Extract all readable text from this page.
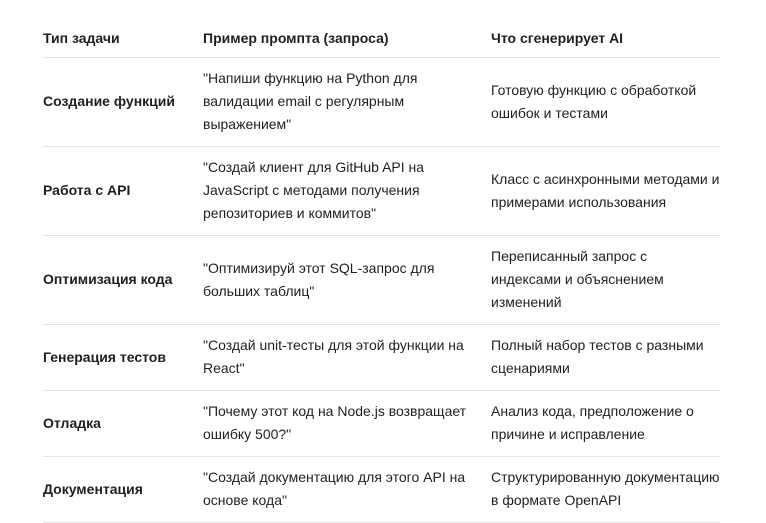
Тип задачи	Пример промпта (запроса)	Что сгенерирует AI
Создание функций	"Напиши функцию на Python для валидации email с регулярным выражением"	Готовую функцию с обработкой ошибок и тестами
Работа с API	"Создай клиент для GitHub API на JavaScript с методами получения репозиториев и коммитов"	Класс с асинхронными методами и примерами использования
Оптимизация кода	"Оптимизируй этот SQL-запрос для больших таблиц"	Переписанный запрос с индексами и объяснением изменений
Генерация тестов	"Создай unit-тесты для этой функции на React"	Полный набор тестов с разными сценариями
Отладка	"Почему этот код на Node.js возвращает ошибку 500?"	Анализ кода, предположение о причине и исправление
Документация	"Создай документацию для этого API на основе кода"	Структурированную документацию в формате OpenAPI
